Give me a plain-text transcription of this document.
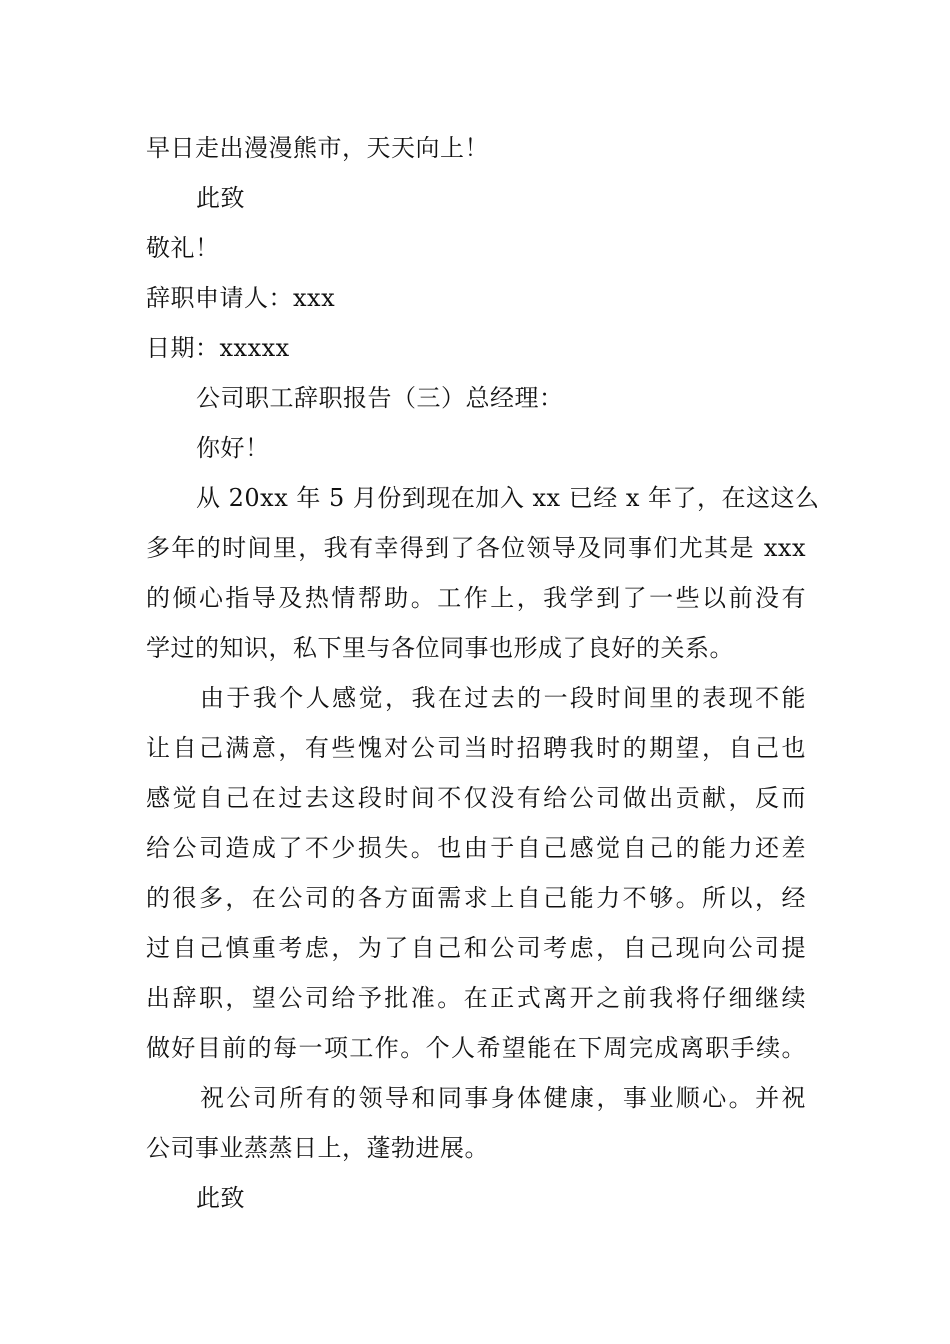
早日走出漫漫熊市，天天向上！
此致
敬礼！
辞职申请人：xxx
日期：xxxxx
公司职工辞职报告（三）总经理：
你好！
从 20xx 年 5 月份到现在加入 xx 已经 x 年了，在这这么
多年的时间里，我有幸得到了各位领导及同事们尤其是 xxx
的倾心指导及热情帮助。工作上，我学到了一些以前没有
学过的知识，私下里与各位同事也形成了良好的关系。
由于我个人感觉，我在过去的一段时间里的表现不能
让自己满意，有些愧对公司当时招聘我时的期望，自己也
感觉自己在过去这段时间不仅没有给公司做出贡献，反而
给公司造成了不少损失。也由于自己感觉自己的能力还差
的很多，在公司的各方面需求上自己能力不够。所以，经
过自己慎重考虑，为了自己和公司考虑，自己现向公司提
出辞职，望公司给予批准。在正式离开之前我将仔细继续
做好目前的每一项工作。个人希望能在下周完成离职手续。
祝公司所有的领导和同事身体健康，事业顺心。并祝
公司事业蒸蒸日上，蓬勃进展。
此致
